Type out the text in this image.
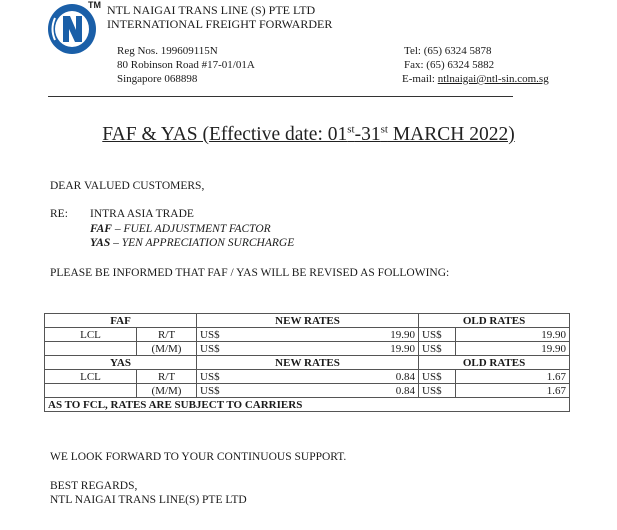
TM NTL NAIGAI TRANS LINE (S) PTE LTD
INTERNATIONAL FREIGHT FORWARDER
Reg Nos. 199609115N
80 Robinson Road #17-01/01A
Singapore 068898
Tel: (65) 6324 5878
Fax: (65) 6324 5882
E-mail: ntlnaigai@ntl-sin.com.sg
FAF & YAS (Effective date: 01st-31st MARCH 2022)
DEAR VALUED CUSTOMERS,
RE: INTRA ASIA TRADE
FAF – FUEL ADJUSTMENT FACTOR
YAS – YEN APPRECIATION SURCHARGE
PLEASE BE INFORMED THAT FAF / YAS WILL BE REVISED AS FOLLOWING:
FAF		NEW RATES		OLD RATES	
LCL	R/T	US$	19.90	US$	19.90
	(M/M)	US$	19.90	US$	19.90
YAS		NEW RATES		OLD RATES	
LCL	R/T	US$	0.84	US$	1.67
	(M/M)	US$	0.84	US$	1.67
AS TO FCL, RATES ARE SUBJECT TO CARRIERS					
WE LOOK FORWARD TO YOUR CONTINUOUS SUPPORT.
BEST REGARDS,
NTL NAIGAI TRANS LINE(S) PTE LTD
